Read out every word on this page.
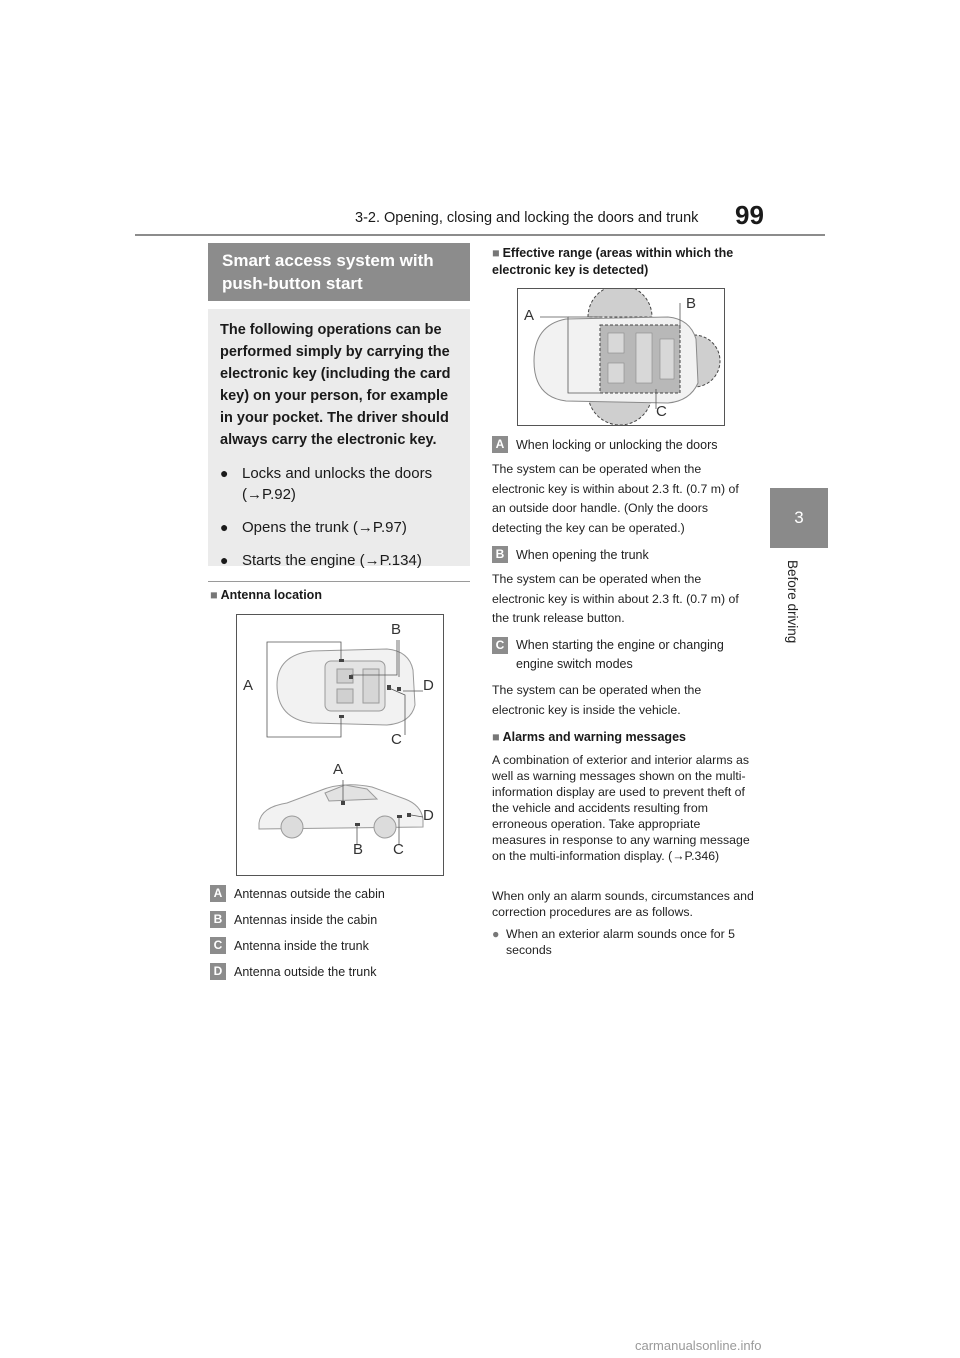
3-2. Opening, closing and locking the doors and trunk 99
3
Before driving
Smart access system with push-button start

The following operations can be performed simply by carrying the electronic key (including the card key) on your person, for example in your pocket. The driver should always carry the electronic key.

● Locks and unlocks the doors (→P.92)
● Opens the trunk (→P.97)
● Starts the engine (→P.134)
■ Antenna location
B
A	D
C
A
D
B C
A Antennas outside the cabin
B Antennas inside the cabin
C Antenna inside the trunk
D Antenna outside the trunk
■ Effective range (areas within which the electronic key is detected)
A
B
C
A When locking or unlocking the doors
The system can be operated when the electronic key is within about 2.3 ft. (0.7 m) of an outside door handle. (Only the doors detecting the key can be operated.)
B When opening the trunk
The system can be operated when the electronic key is within about 2.3 ft. (0.7 m) of the trunk release button.
C When starting the engine or changing engine switch modes
The system can be operated when the electronic key is inside the vehicle.
■ Alarms and warning messages
A combination of exterior and interior alarms as well as warning messages shown on the multi-information display are used to prevent theft of the vehicle and accidents resulting from erroneous operation. Take appropriate measures in response to any warning message on the multi-information display. (→P.346)
When only an alarm sounds, circumstances and correction procedures are as follows.
● When an exterior alarm sounds once for 5 seconds
carmanualsonline.info
